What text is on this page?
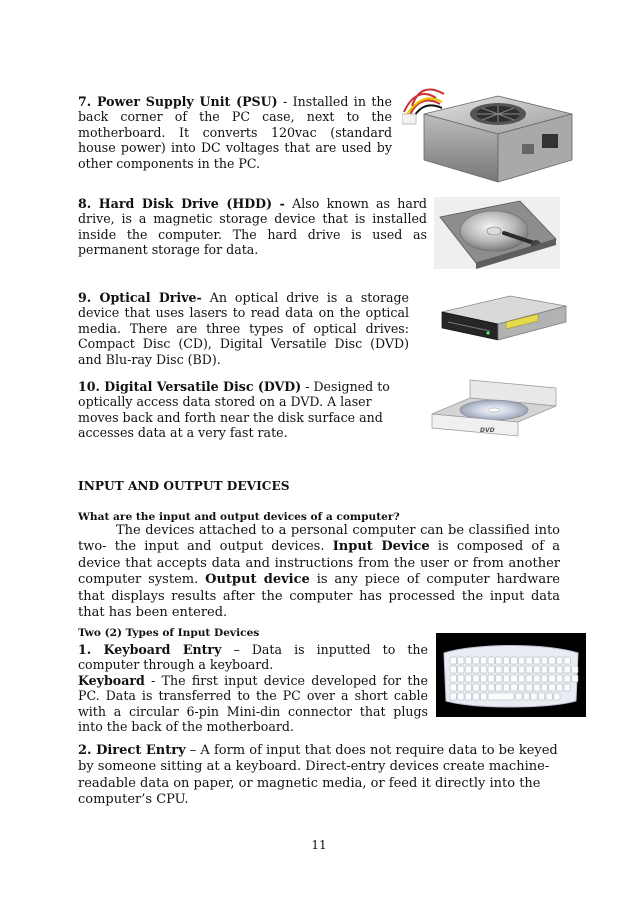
7. Power Supply Unit (PSU) - Installed in the back corner of the PC case, next to the motherboard. It converts 120vac (standard house power) into DC voltages that are used by other components in the PC.
8. Hard Disk Drive (HDD) - Also known as hard drive, is a magnetic storage device that is installed inside the computer. The hard drive is used as permanent storage for data.
9. Optical Drive- An optical drive is a storage device that uses lasers to read data on the optical media. There are three types of optical drives: Compact Disc (CD), Digital Versatile Disc (DVD) and Blu-ray Disc (BD).
10. Digital Versatile Disc (DVD) - Designed to optically access data stored on a DVD. A laser moves back and forth near the disk surface and accesses data at a very fast rate.	DVD
INPUT AND OUTPUT DEVICES
What are the input and output devices of a computer?
The devices attached to a personal computer can be classified into two- the input and output devices. Input Device is composed of a device that accepts data and instructions from the user or from another computer system. Output device is any piece of computer hardware that displays results after the computer has processed the input data that has been entered.
Two (2) Types of Input Devices
1. Keyboard Entry – Data is inputted to the computer through a keyboard.
Keyboard - The first input device developed for the PC. Data is transferred to the PC over a short cable with a circular 6-pin Mini-din connector that plugs into the back of the motherboard.
2. Direct Entry – A form of input that does not require data to be keyed by someone sitting at a keyboard. Direct-entry devices create machine-readable data on paper, or magnetic media, or feed it directly into the computer’s CPU.
11
